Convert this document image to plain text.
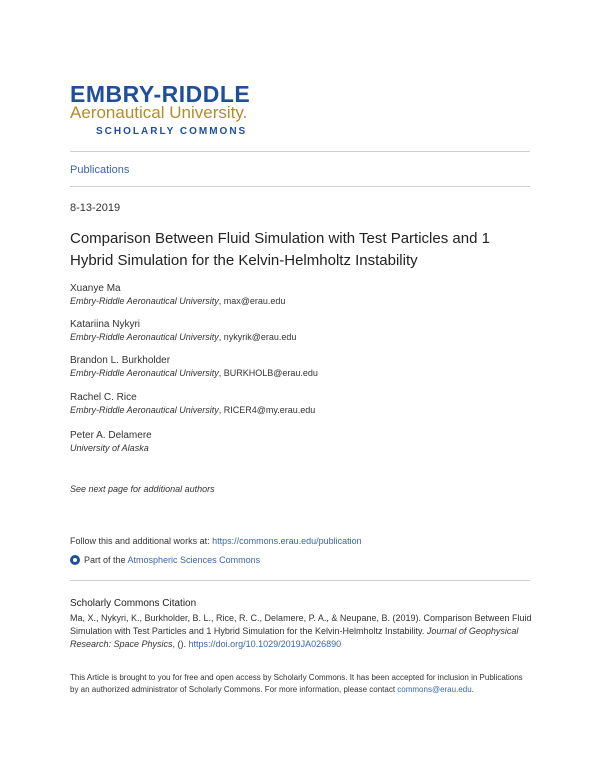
EMBRY-RIDDLE
Aeronautical University.
SCHOLARLY COMMONS
Publications
8-13-2019
Comparison Between Fluid Simulation with Test Particles and 1 Hybrid Simulation for the Kelvin-Helmholtz Instability
Xuanye Ma
Embry-Riddle Aeronautical University, max@erau.edu
Katariina Nykyri
Embry-Riddle Aeronautical University, nykyrik@erau.edu
Brandon L. Burkholder
Embry-Riddle Aeronautical University, BURKHOLB@erau.edu
Rachel C. Rice
Embry-Riddle Aeronautical University, RICER4@my.erau.edu
Peter A. Delamere
University of Alaska
See next page for additional authors
Follow this and additional works at: https://commons.erau.edu/publication
Part of the Atmospheric Sciences Commons
Scholarly Commons Citation
Ma, X., Nykyri, K., Burkholder, B. L., Rice, R. C., Delamere, P. A., & Neupane, B. (2019). Comparison Between Fluid Simulation with Test Particles and 1 Hybrid Simulation for the Kelvin-Helmholtz Instability. Journal of Geophysical Research: Space Physics, (). https://doi.org/10.1029/2019JA026890
This Article is brought to you for free and open access by Scholarly Commons. It has been accepted for inclusion in Publications by an authorized administrator of Scholarly Commons. For more information, please contact commons@erau.edu.
